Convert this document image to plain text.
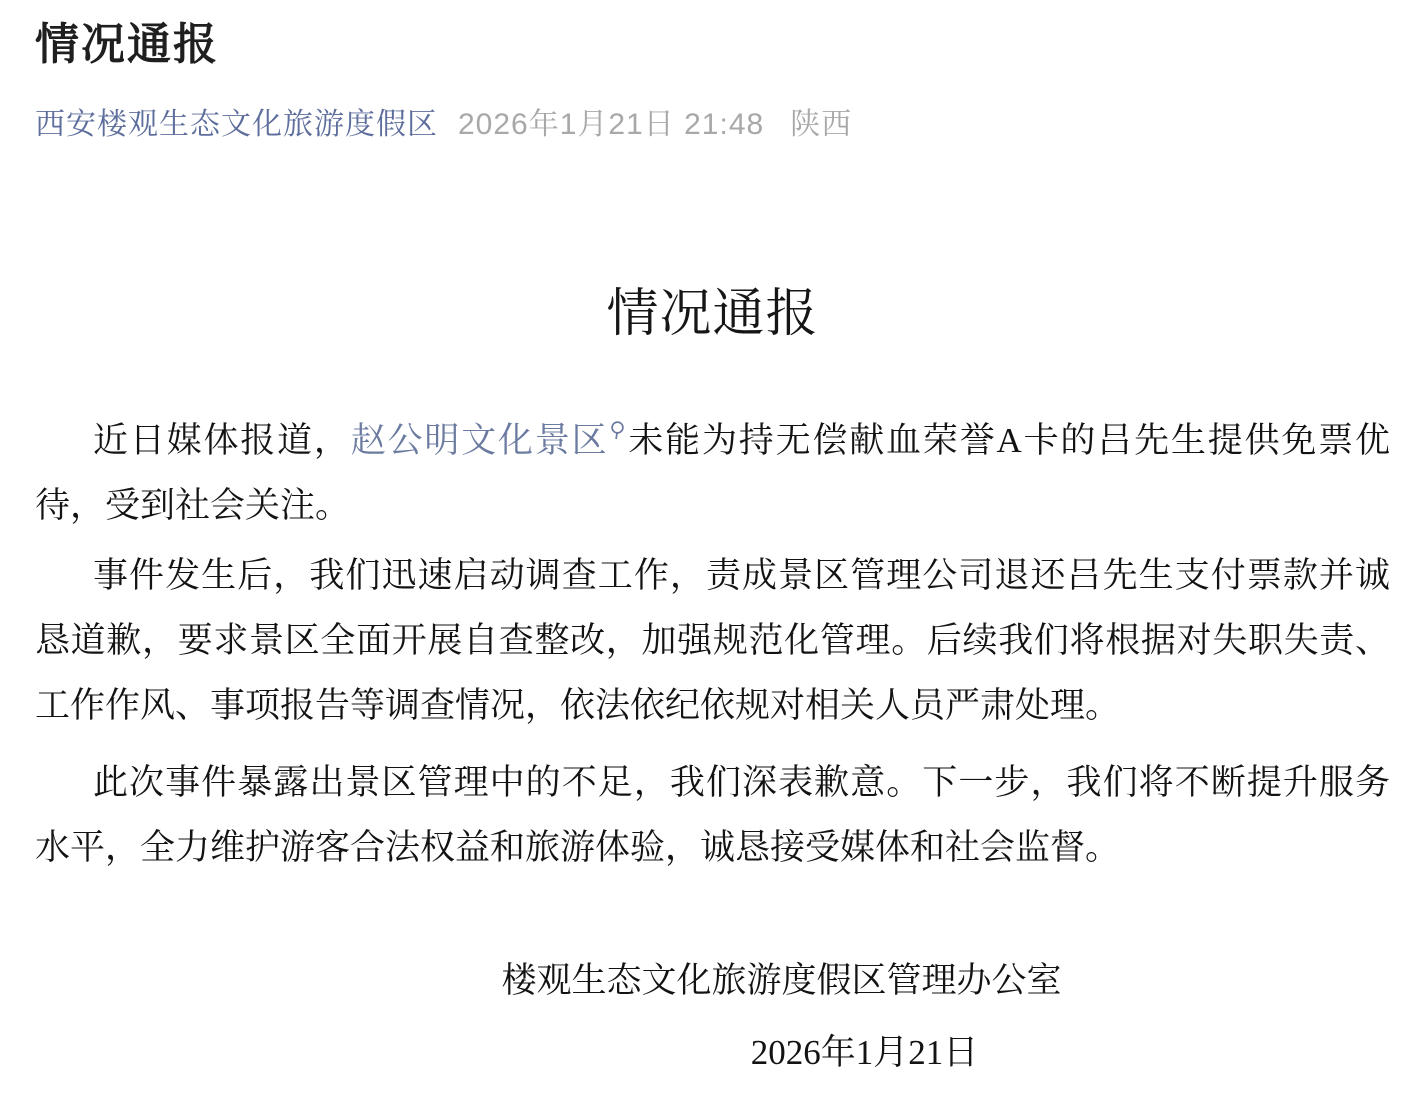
情况通报
西安楼观生态文化旅游度假区 2026年1月21日 21:48 陕西
情况通报
近日媒体报道，赵公明文化景区 未能为持无偿献血荣誉A卡的吕先生提供免票优
待，受到社会关注。
事件发生后，我们迅速启动调查工作，责成景区管理公司退还吕先生支付票款并诚
恳道歉，要求景区全面开展自查整改，加强规范化管理。后续我们将根据对失职失责、
工作作风、事项报告等调查情况，依法依纪依规对相关人员严肃处理。
此次事件暴露出景区管理中的不足，我们深表歉意。下一步，我们将不断提升服务
水平，全力维护游客合法权益和旅游体验，诚恳接受媒体和社会监督。
楼观生态文化旅游度假区管理办公室
2026年1月21日
